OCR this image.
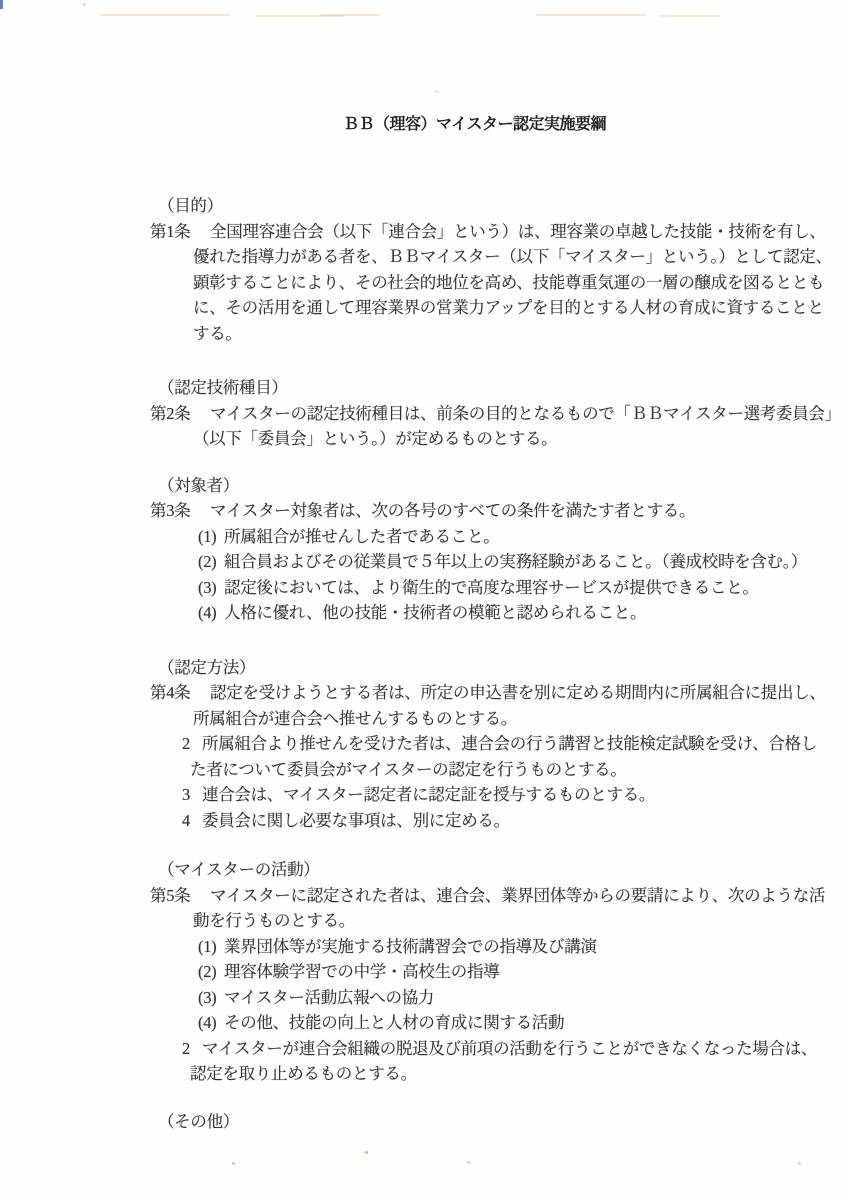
ＢＢ（理容）マイスター認定実施要綱
（目的）
第1条 全国理容連合会（以下「連合会」という）は、理容業の卓越した技能・技術を有し、
優れた指導力がある者を、ＢＢマイスター（以下「マイスター」という。）として認定、
顕彰することにより、その社会的地位を高め、技能尊重気運の一層の醸成を図るととも
に、その活用を通して理容業界の営業力アップを目的とする人材の育成に資することと
する。
（認定技術種目）
第2条 マイスターの認定技術種目は、前条の目的となるもので「ＢＢマイスター選考委員会」
（以下「委員会」という。）が定めるものとする。
（対象者）
第3条 マイスター対象者は、次の各号のすべての条件を満たす者とする。
(1) 所属組合が推せんした者であること。
(2) 組合員およびその従業員で５年以上の実務経験があること。（養成校時を含む。）
(3) 認定後においては、より衛生的で高度な理容サービスが提供できること。
(4) 人格に優れ、他の技能・技術者の模範と認められること。
（認定方法）
第4条 認定を受けようとする者は、所定の申込書を別に定める期間内に所属組合に提出し、
所属組合が連合会へ推せんするものとする。
2 所属組合より推せんを受けた者は、連合会の行う講習と技能検定試験を受け、合格し
た者について委員会がマイスターの認定を行うものとする。
3 連合会は、マイスター認定者に認定証を授与するものとする。
4 委員会に関し必要な事項は、別に定める。
（マイスターの活動）
第5条 マイスターに認定された者は、連合会、業界団体等からの要請により、次のような活
動を行うものとする。
(1) 業界団体等が実施する技術講習会での指導及び講演
(2) 理容体験学習での中学・高校生の指導
(3) マイスター活動広報への協力
(4) その他、技能の向上と人材の育成に関する活動
2 マイスターが連合会組織の脱退及び前項の活動を行うことができなくなった場合は、
認定を取り止めるものとする。
（その他）
